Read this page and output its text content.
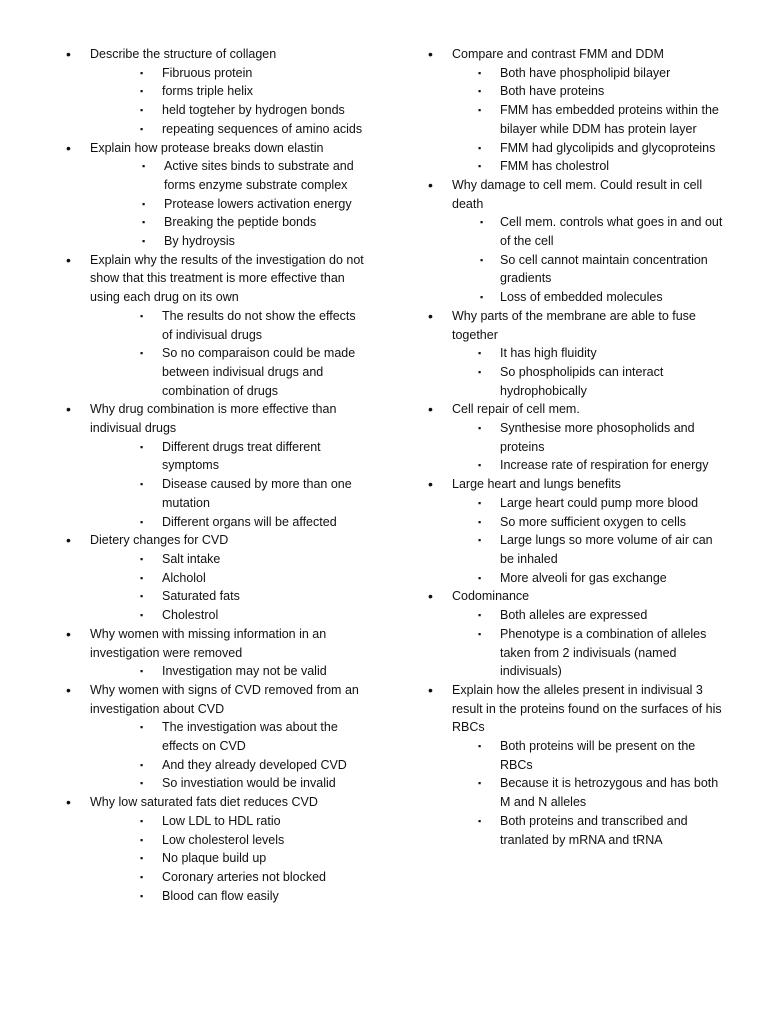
• Describe the structure of collagen
▪ Fibruous protein
▪ forms triple helix
▪ held togteher by hydrogen bonds
▪ repeating sequences of amino acids
• Explain how protease breaks down elastin
▪ Active sites binds to substrate and forms enzyme substrate complex
▪ Protease lowers activation energy
▪ Breaking the peptide bonds
▪ By hydroysis
• Explain why the results of the investigation do not show that this treatment is more effective than using each drug on its own
▪ The results do not show the effects of indivisual drugs
▪ So no comparaison could be made between indivisual drugs and combination of drugs
• Why drug combination is more effective than indivisual drugs
▪ Different drugs treat different symptoms
▪ Disease caused by more than one mutation
▪ Different organs will be affected
• Dietery changes for CVD
▪ Salt intake
▪ Alcholol
▪ Saturated fats
▪ Cholestrol
• Why women with missing information in an investigation were removed
▪ Investigation may not be valid
• Why women with signs of CVD removed from an investigation about CVD
▪ The investigation was about the effects on CVD
▪ And they already developed CVD
▪ So investiation would be invalid
• Why low saturated fats diet reduces CVD
▪ Low LDL to HDL ratio
▪ Low cholesterol levels
▪ No plaque build up
▪ Coronary arteries not blocked
▪ Blood can flow easily
• Compare and contrast FMM and DDM
▪ Both have phospholipid bilayer
▪ Both have proteins
▪ FMM has embedded proteins within the bilayer while DDM has protein layer
▪ FMM had glycolipids and glycoproteins
▪ FMM has cholestrol
• Why damage to cell mem. Could result in cell death
▪ Cell mem. controls what goes in and out of the cell
▪ So cell cannot maintain concentration gradients
▪ Loss of embedded molecules
• Why parts of the membrane are able to fuse together
▪ It has high fluidity
▪ So phospholipids can interact hydrophobically
• Cell repair of cell mem.
▪ Synthesise more phosopholids and proteins
▪ Increase rate of respiration for energy
• Large heart and lungs benefits
▪ Large heart could pump more blood
▪ So more sufficient oxygen to cells
▪ Large lungs so more volume of air can be inhaled
▪ More alveoli for gas exchange
• Codominance
▪ Both alleles are expressed
▪ Phenotype is a combination of alleles taken from 2 indivisuals (named indivisuals)
• Explain how the alleles present in indivisual 3 result in the proteins found on the surfaces of his RBCs
▪ Both proteins will be present on the RBCs
▪ Because it is hetrozygous and has both M and N alleles
▪ Both proteins and transcribed and tranlated by mRNA and tRNA
